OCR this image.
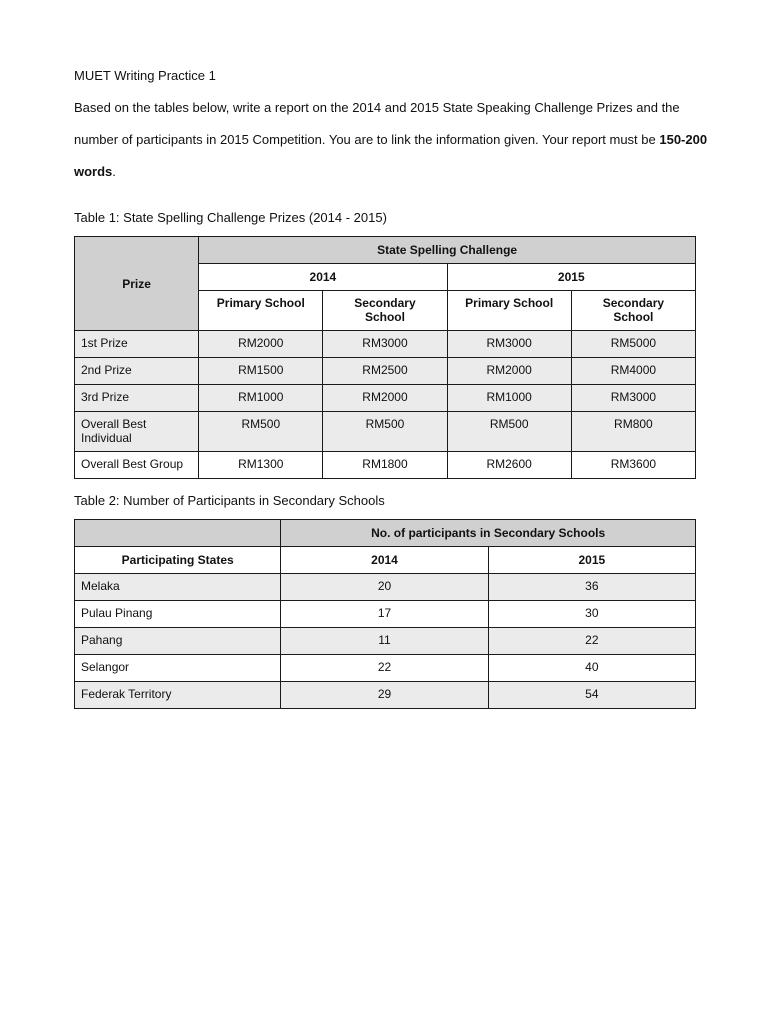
MUET Writing Practice 1

Based on the tables below, write a report on the 2014 and 2015 State Speaking Challenge Prizes and the number of participants in 2015 Competition. You are to link the information given. Your report must be 150-200 words.

Table 1: State Spelling Challenge Prizes (2014 - 2015)

Prize	State Spelling Challenge			
	2014		2015	
	Primary School	Secondary School	Primary School	Secondary School
1st Prize	RM2000	RM3000	RM3000	RM5000
2nd Prize	RM1500	RM2500	RM2000	RM4000
3rd Prize	RM1000	RM2000	RM1000	RM3000
Overall Best Individual	RM500	RM500	RM500	RM800
Overall Best Group	RM1300	RM1800	RM2600	RM3600

Table 2: Number of Participants in Secondary Schools

	No. of participants in Secondary Schools	
Participating States	2014	2015
Melaka	20	36
Pulau Pinang	17	30
Pahang	11	22
Selangor	22	40
Federak Territory	29	54
